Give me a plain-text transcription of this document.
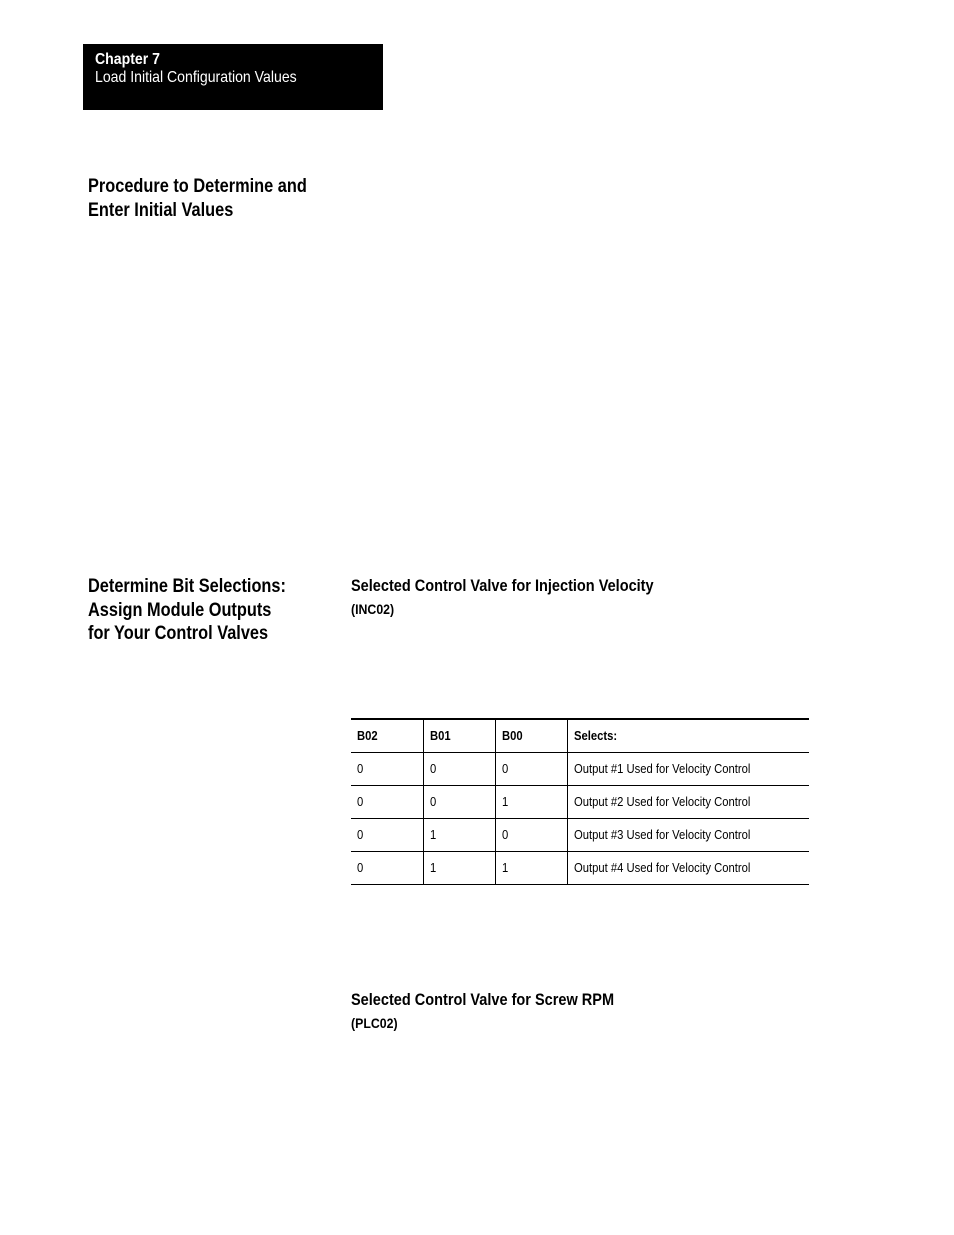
Chapter 7
Load Initial Configuration Values
Procedure to Determine and
Enter Initial Values
Determine Bit Selections:
Assign Module Outputs
for Your Control Valves
Selected Control Valve for Injection Velocity
(INC02)
B02	B01	B00	Selects:
0	0	0	Output #1 Used for Velocity Control
0	0	1	Output #2 Used for Velocity Control
0	1	0	Output #3 Used for Velocity Control
0	1	1	Output #4 Used for Velocity Control
Selected Control Valve for Screw RPM
(PLC02)
